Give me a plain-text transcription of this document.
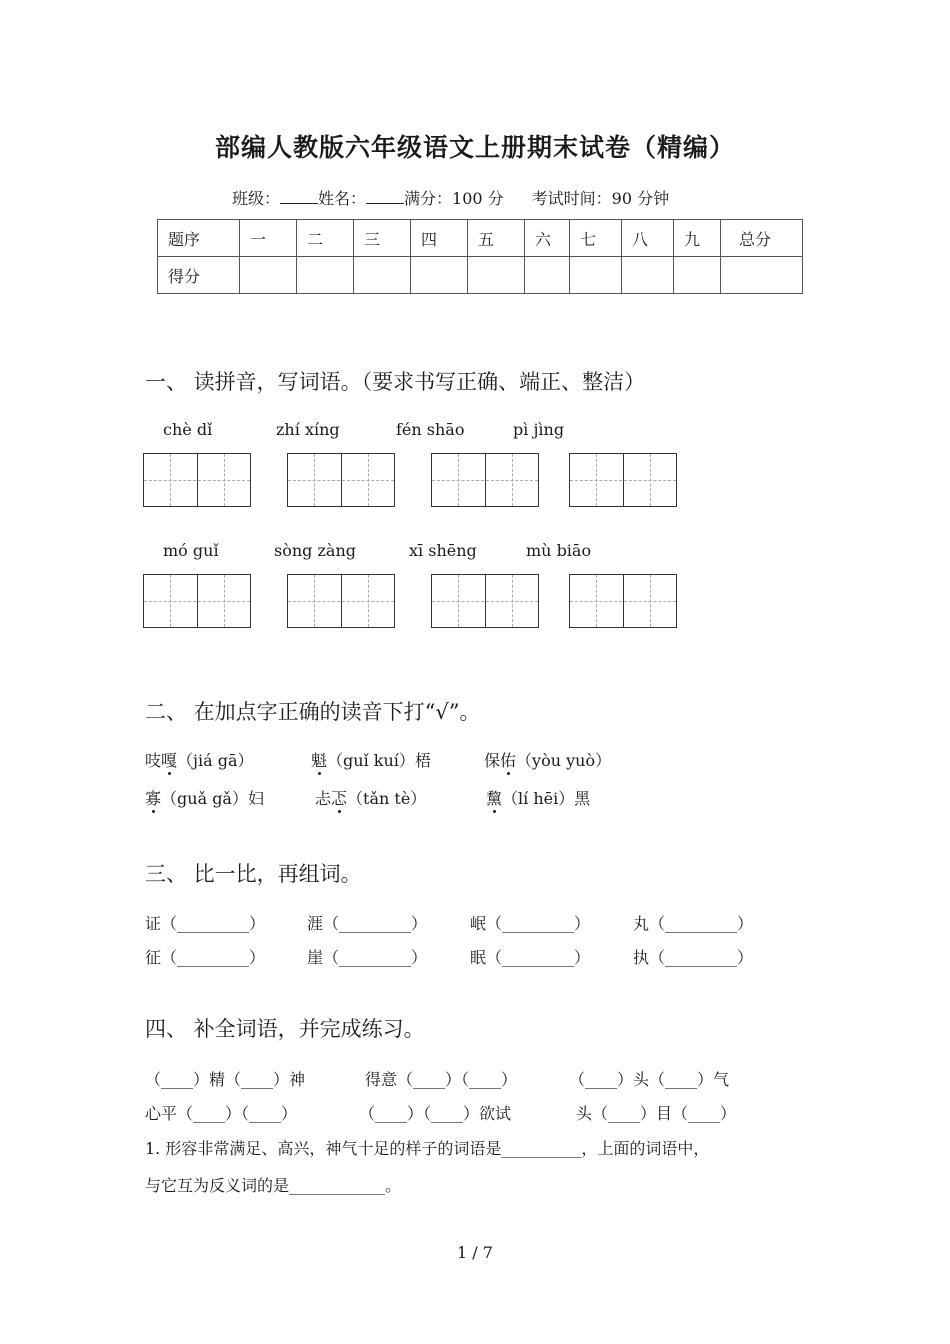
部编人教版六年级语文上册期末试卷（精编）
班级： 姓名： 满分：100 分 考试时间：90 分钟
题序	一	二	三	四	五	六	七	八	九	总分
得分										
一、 读拼音，写词语。（要求书写正确、端正、整洁）
chè dǐ	zhí xíng	fén shāo	pì jìng
mó guǐ	sòng zàng	xī shēng	mù biāo
二、 在加点字正确的读音下打“√”。
吱嘎（jiá gā）	魁（guǐ kuí）梧	保佑（yòu yuò）
寡（guǎ gǎ）妇	忐忑（tǎn tè）	黧（lí hēi）黑
三、 比一比，再组词。
证（_________）	涯（_________）	岷（_________）	丸（_________）
征（_________）	崖（_________）	眠（_________）	执（_________）
四、 补全词语，并完成练习。
（____）精（____）神	得意（____）（____）	（____）头（____）气
心平（____）（____）	（____）（____）欲试	头（____）目（____）
1. 形容非常满足、高兴，神气十足的样子的词语是__________，上面的词语中，
与它互为反义词的是____________。
1 / 7
